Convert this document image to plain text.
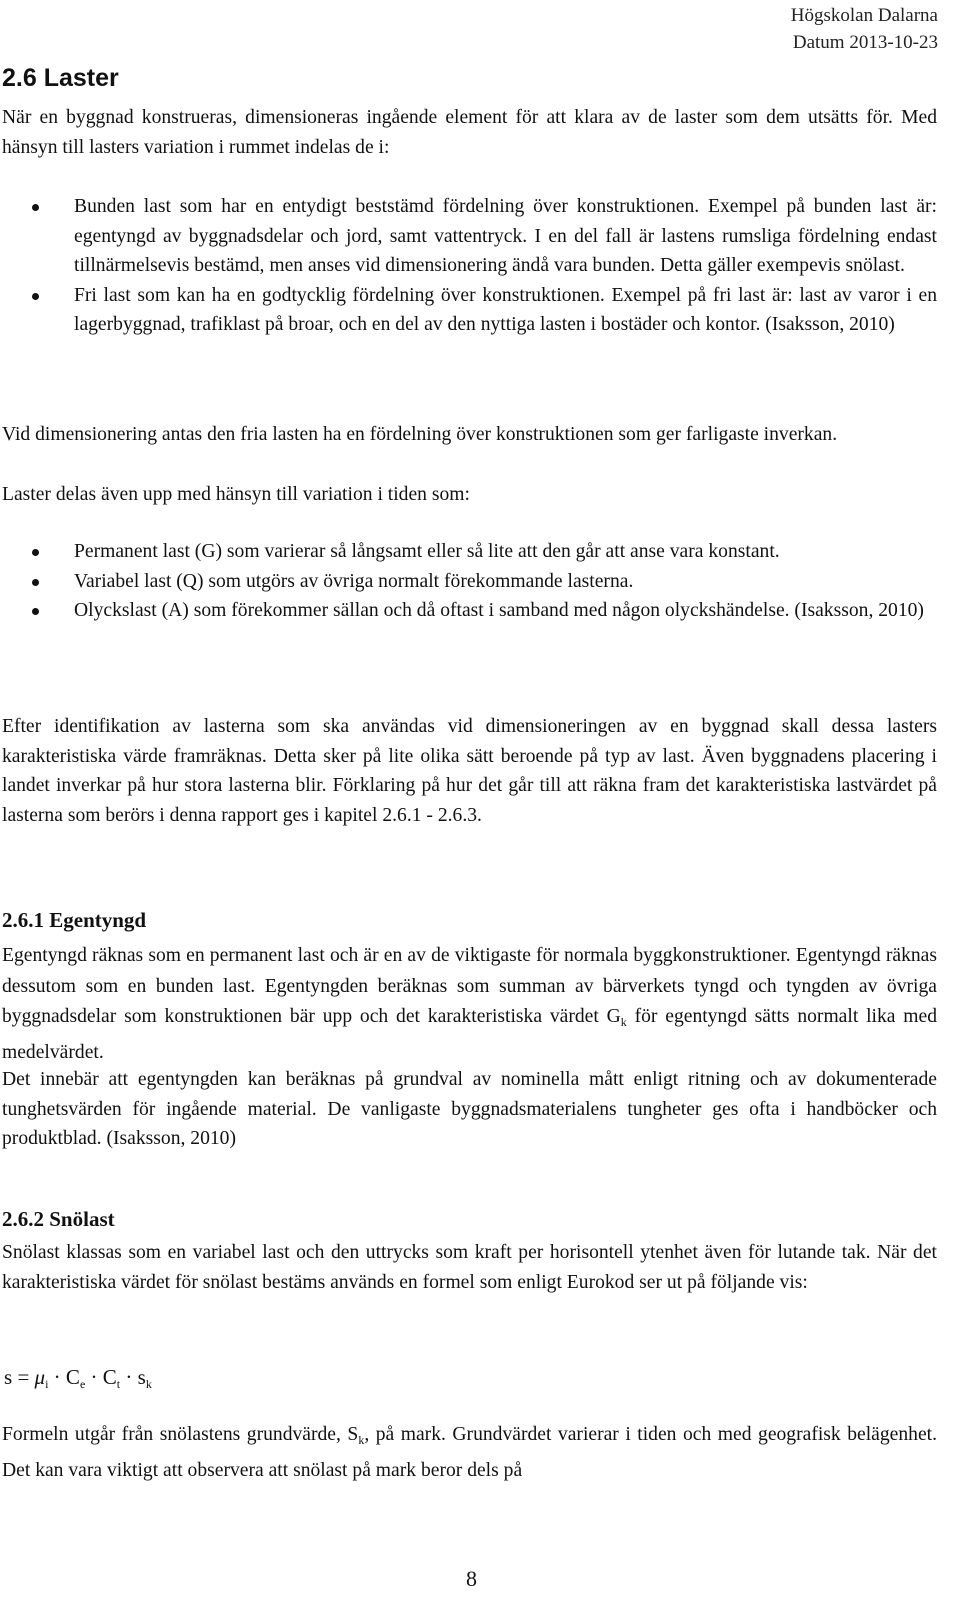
Högskolan Dalarna
Datum 2013-10-23
2.6 Laster

När en byggnad konstrueras, dimensioneras ingående element för att klara av de laster som dem utsätts för. Med hänsyn till lasters variation i rummet indelas de i:

Bunden last som har en entydigt beststämd fördelning över konstruktionen. Exempel på bunden last är: egentyngd av byggnadsdelar och jord, samt vattentryck. I en del fall är lastens rumsliga fördelning endast tillnärmelsevis bestämd, men anses vid dimensionering ändå vara bunden. Detta gäller exempevis snölast.
Fri last som kan ha en godtycklig fördelning över konstruktionen. Exempel på fri last är: last av varor i en lagerbyggnad, trafiklast på broar, och en del av den nyttiga lasten i bostäder och kontor. (Isaksson, 2010)

Vid dimensionering antas den fria lasten ha en fördelning över konstruktionen som ger farligaste inverkan.

Laster delas även upp med hänsyn till variation i tiden som:

Permanent last (G) som varierar så långsamt eller så lite att den går att anse vara konstant.
Variabel last (Q) som utgörs av övriga normalt förekommande lasterna.
Olyckslast (A) som förekommer sällan och då oftast i samband med någon olyckshändelse. (Isaksson, 2010)

Efter identifikation av lasterna som ska användas vid dimensioneringen av en byggnad skall dessa lasters karakteristiska värde framräknas. Detta sker på lite olika sätt beroende på typ av last. Även byggnadens placering i landet inverkar på hur stora lasterna blir. Förklaring på hur det går till att räkna fram det karakteristiska lastvärdet på lasterna som berörs i denna rapport ges i kapitel 2.6.1 - 2.6.3.

2.6.1 Egentyngd

Egentyngd räknas som en permanent last och är en av de viktigaste för normala byggkonstruktioner. Egentyngd räknas dessutom som en bunden last. Egentyngden beräknas som summan av bärverkets tyngd och tyngden av övriga byggnadsdelar som konstruktionen bär upp och det karakteristiska värdet $G_k$ för egentyngd sätts normalt lika med medelvärdet.

Det innebär att egentyngden kan beräknas på grundval av nominella mått enligt ritning och av dokumenterade tunghetsvärden för ingående material. De vanligaste byggnadsmaterialens tungheter ges ofta i handböcker och produktblad. (Isaksson, 2010)

2.6.2 Snölast

Snölast klassas som en variabel last och den uttrycks som kraft per horisontell ytenhet även för lutande tak. När det karakteristiska värdet för snölast bestäms används en formel som enligt Eurokod ser ut på följande vis:

$s = \mu_i \cdot C_e \cdot C_t \cdot s_k$

Formeln utgår från snölastens grundvärde, $S_k$, på mark. Grundvärdet varierar i tiden och med geografisk belägenhet. Det kan vara viktigt att observera att snölast på mark beror dels på

8
